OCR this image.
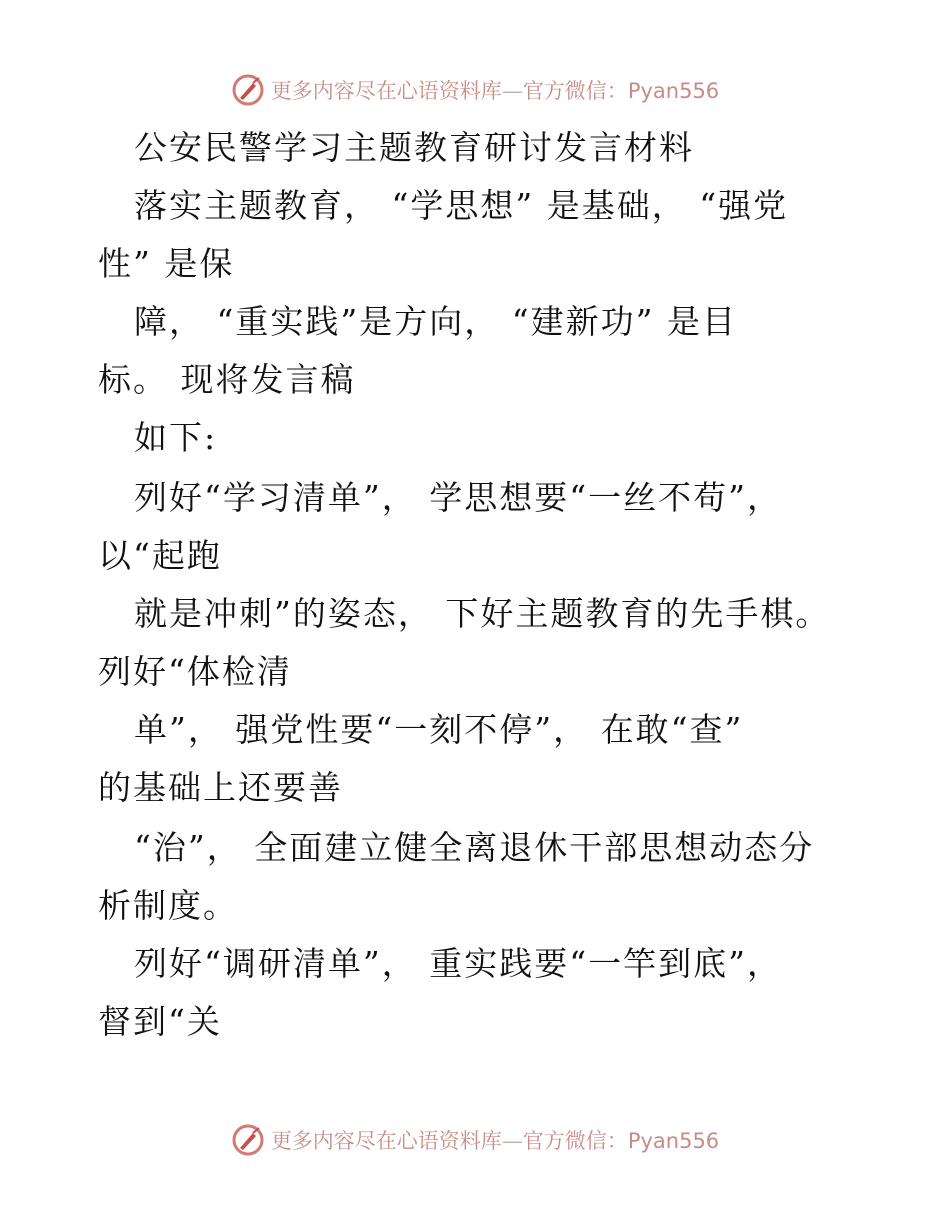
更多内容尽在心语资料库—官方微信：Pyan556
公安民警学习主题教育研讨发言材料
落实主题教育， “学思想” 是基础， “强党
性” 是保
障， “重实践”是方向， “建新功” 是目
标。 现将发言稿
如下:
列好“学习清单”， 学思想要“一丝不苟”，
以“起跑
就是冲刺”的姿态， 下好主题教育的先手棋。
列好“体检清
单”， 强党性要“一刻不停”， 在敢“查”
的基础上还要善
“治”， 全面建立健全离退休干部思想动态分
析制度。
列好“调研清单”， 重实践要“一竿到底”，
督到“关
更多内容尽在心语资料库—官方微信：Pyan556
